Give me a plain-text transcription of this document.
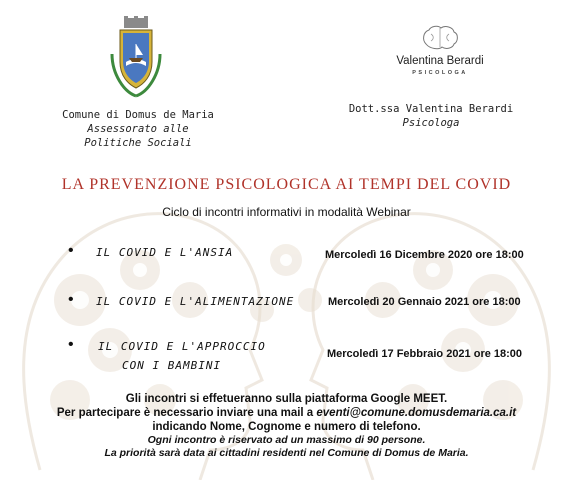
Comune di Domus de Maria
Assessorato alle
Politiche Sociali
Valentina Berardi
PSICOLOGA
Dott.ssa Valentina Berardi
Psicologa
LA PREVENZIONE PSICOLOGICA AI TEMPI DEL COVID
Ciclo di incontri informativi in modalità Webinar
• IL COVID E L'ANSIA	Mercoledì 16 Dicembre 2020 ore 18:00
• IL COVID E L'ALIMENTAZIONE	Mercoledì 20 Gennaio 2021 ore 18:00
• IL COVID E L'APPROCCIO
CON I BAMBINI
Mercoledì 17 Febbraio 2021 ore 18:00
Gli incontri si effetueranno sulla piattaforma Google MEET.
Per partecipare è necessario inviare una mail a eventi@comune.domusdemaria.ca.it
indicando Nome, Cognome e numero di telefono.
Ogni incontro è riservato ad un massimo di 90 persone.
La priorità sarà data ai cittadini residenti nel Comune di Domus de Maria.
